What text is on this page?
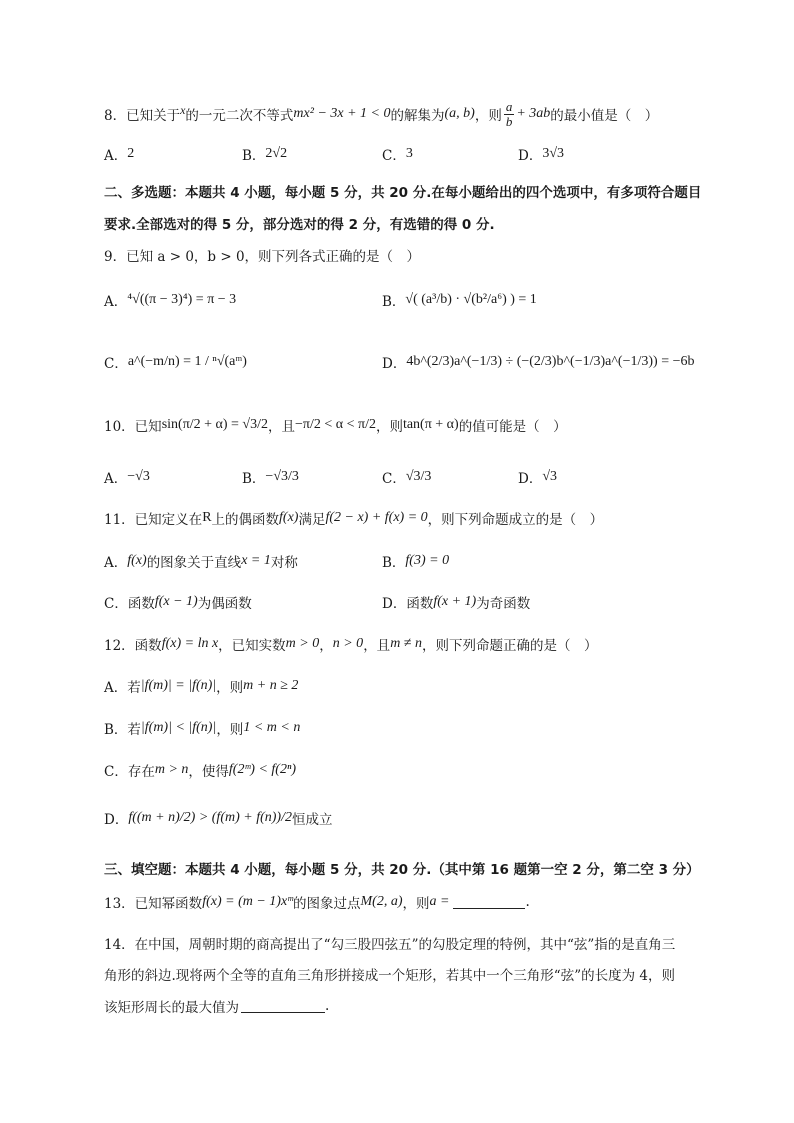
8．已知关于 x 的一元二次不等式 mx² − 3x + 1 < 0 的解集为 (a, b) ，则 $\frac{a}{b} + 3ab$ 的最小值是（　）
A． 2	B． 2√2	C． 3	D． 3√3
二、多选题：本题共 4 小题，每小题 5 分，共 20 分.在每小题给出的四个选项中，有多项符合题目
要求.全部选对的得 5 分，部分选对的得 2 分，有选错的得 0 分.
9．已知 a > 0，b > 0，则下列各式正确的是（　）
A． ⁴√((π − 3)⁴) = π − 3	B． √( (a³/b) · √(b²/a⁶) ) = 1
C． a^(−m/n) = 1 / ⁿ√(aᵐ)	D． 4b^(2/3)a^(−1/3) ÷ (−(2/3)b^(−1/3)a^(−1/3)) = −6b
10．已知 sin(π/2 + α) = √3/2 ，且 −π/2 < α < π/2 ，则 tan(π + α) 的值可能是（　）
A． −√3	B． −√3/3	C． √3/3	D． √3
11．已知定义在 R 上的偶函数 f(x) 满足 f(2 − x) + f(x) = 0 ，则下列命题成立的是（　）
A． f(x) 的图象关于直线 x = 1 对称	B． f(3) = 0
C． 函数 f(x − 1) 为偶函数	D． 函数 f(x + 1) 为奇函数
12．函数 f(x) = ln x ，已知实数 m > 0 ， n > 0 ，且 m ≠ n ，则下列命题正确的是（　）
A． 若 |f(m)| = |f(n)| ，则 m + n ≥ 2
B． 若 |f(m)| < |f(n)| ，则 1 < m < n
C． 存在 m > n ，使得 f(2ᵐ) < f(2ⁿ)
D． f((m + n)/2) > (f(m) + f(n))/2 恒成立
三、填空题：本题共 4 小题，每小题 5 分，共 20 分.（其中第 16 题第一空 2 分，第二空 3 分）
13．已知幂函数 f(x) = (m − 1)xᵐ 的图象过点 M(2, a) ，则 a =	.
14．在中国，周朝时期的商高提出了“勾三股四弦五”的勾股定理的特例，其中“弦”指的是直角三
角形的斜边.现将两个全等的直角三角形拼接成一个矩形，若其中一个三角形“弦”的长度为 4，则
该矩形周长的最大值为	.
